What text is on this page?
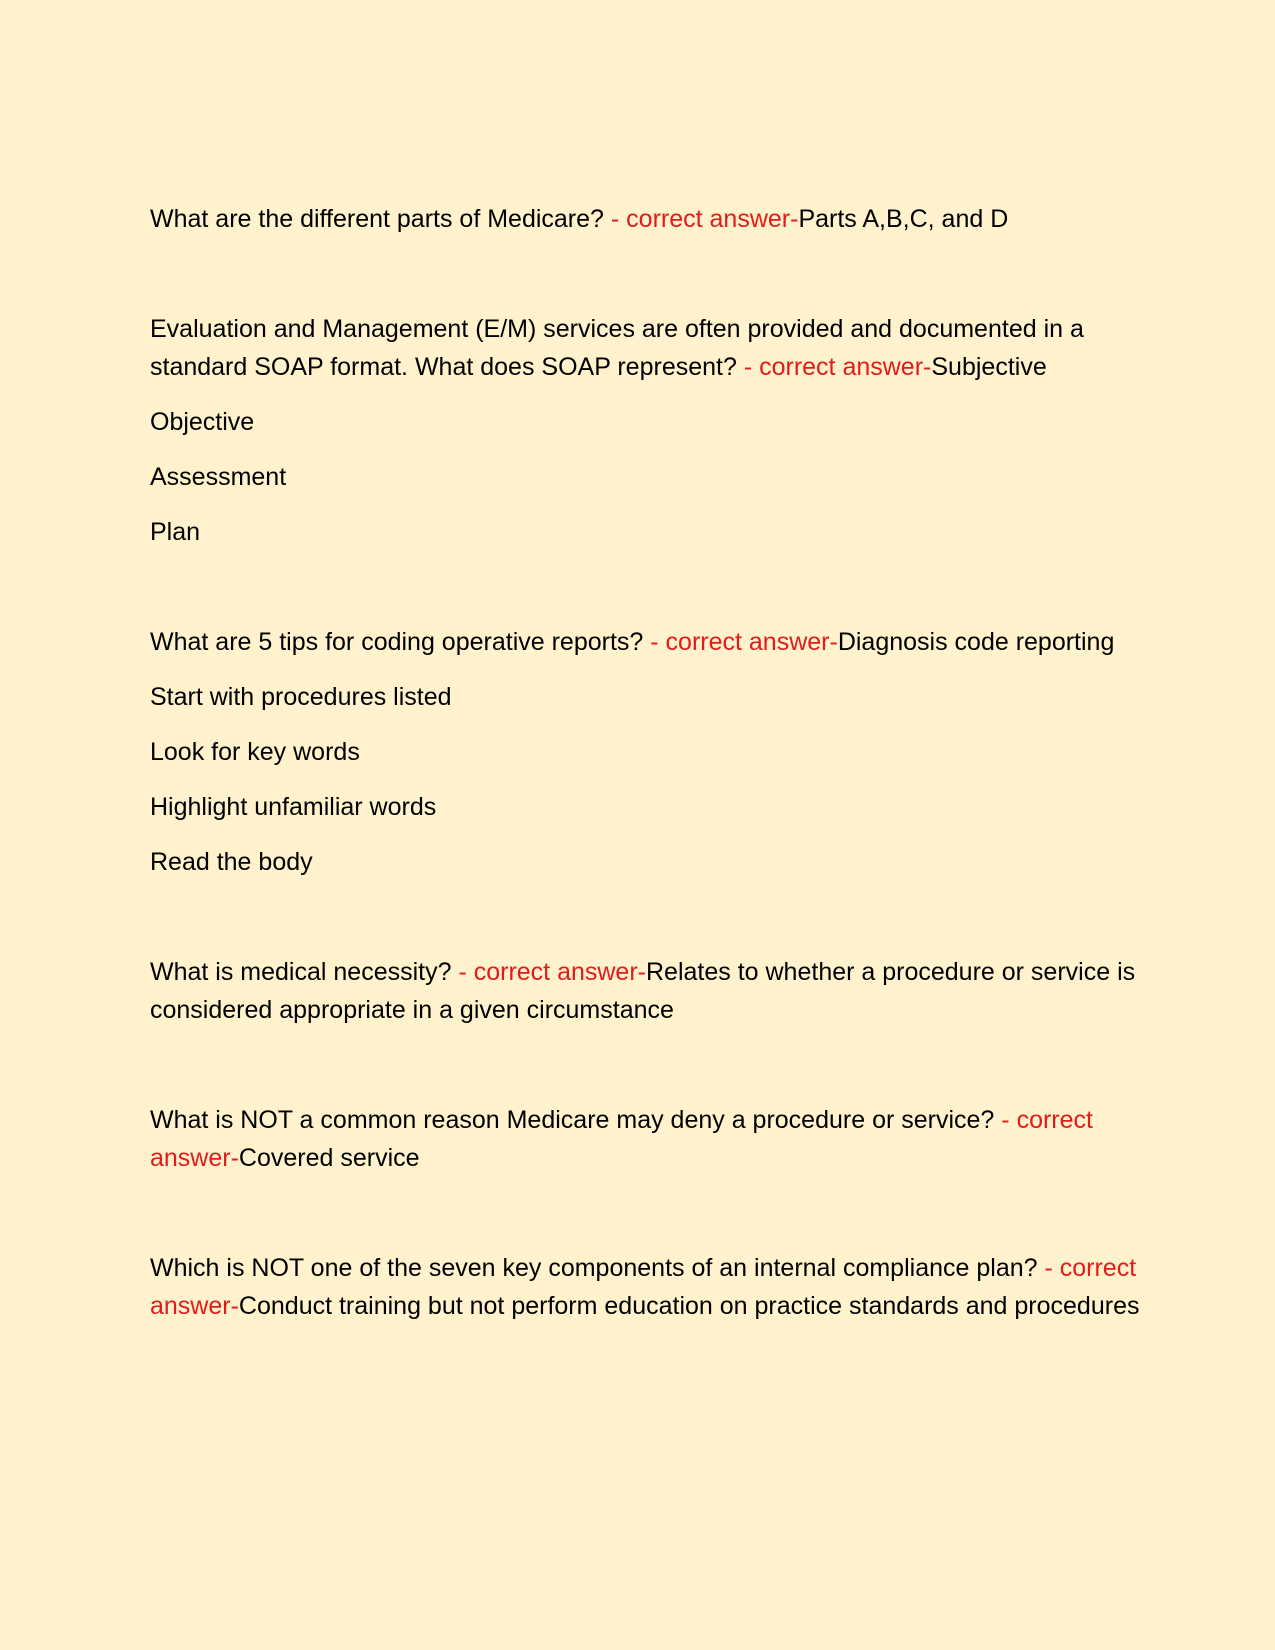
What are the different parts of Medicare? - correct answer-Parts A,B,C, and D

Evaluation and Management (E/M) services are often provided and documented in a standard SOAP format. What does SOAP represent? - correct answer-Subjective

Objective

Assessment

Plan

What are 5 tips for coding operative reports? - correct answer-Diagnosis code reporting

Start with procedures listed

Look for key words

Highlight unfamiliar words

Read the body

What is medical necessity? - correct answer-Relates to whether a procedure or service is considered appropriate in a given circumstance

What is NOT a common reason Medicare may deny a procedure or service? - correct answer-Covered service

Which is NOT one of the seven key components of an internal compliance plan? - correct answer-Conduct training but not perform education on practice standards and procedures
